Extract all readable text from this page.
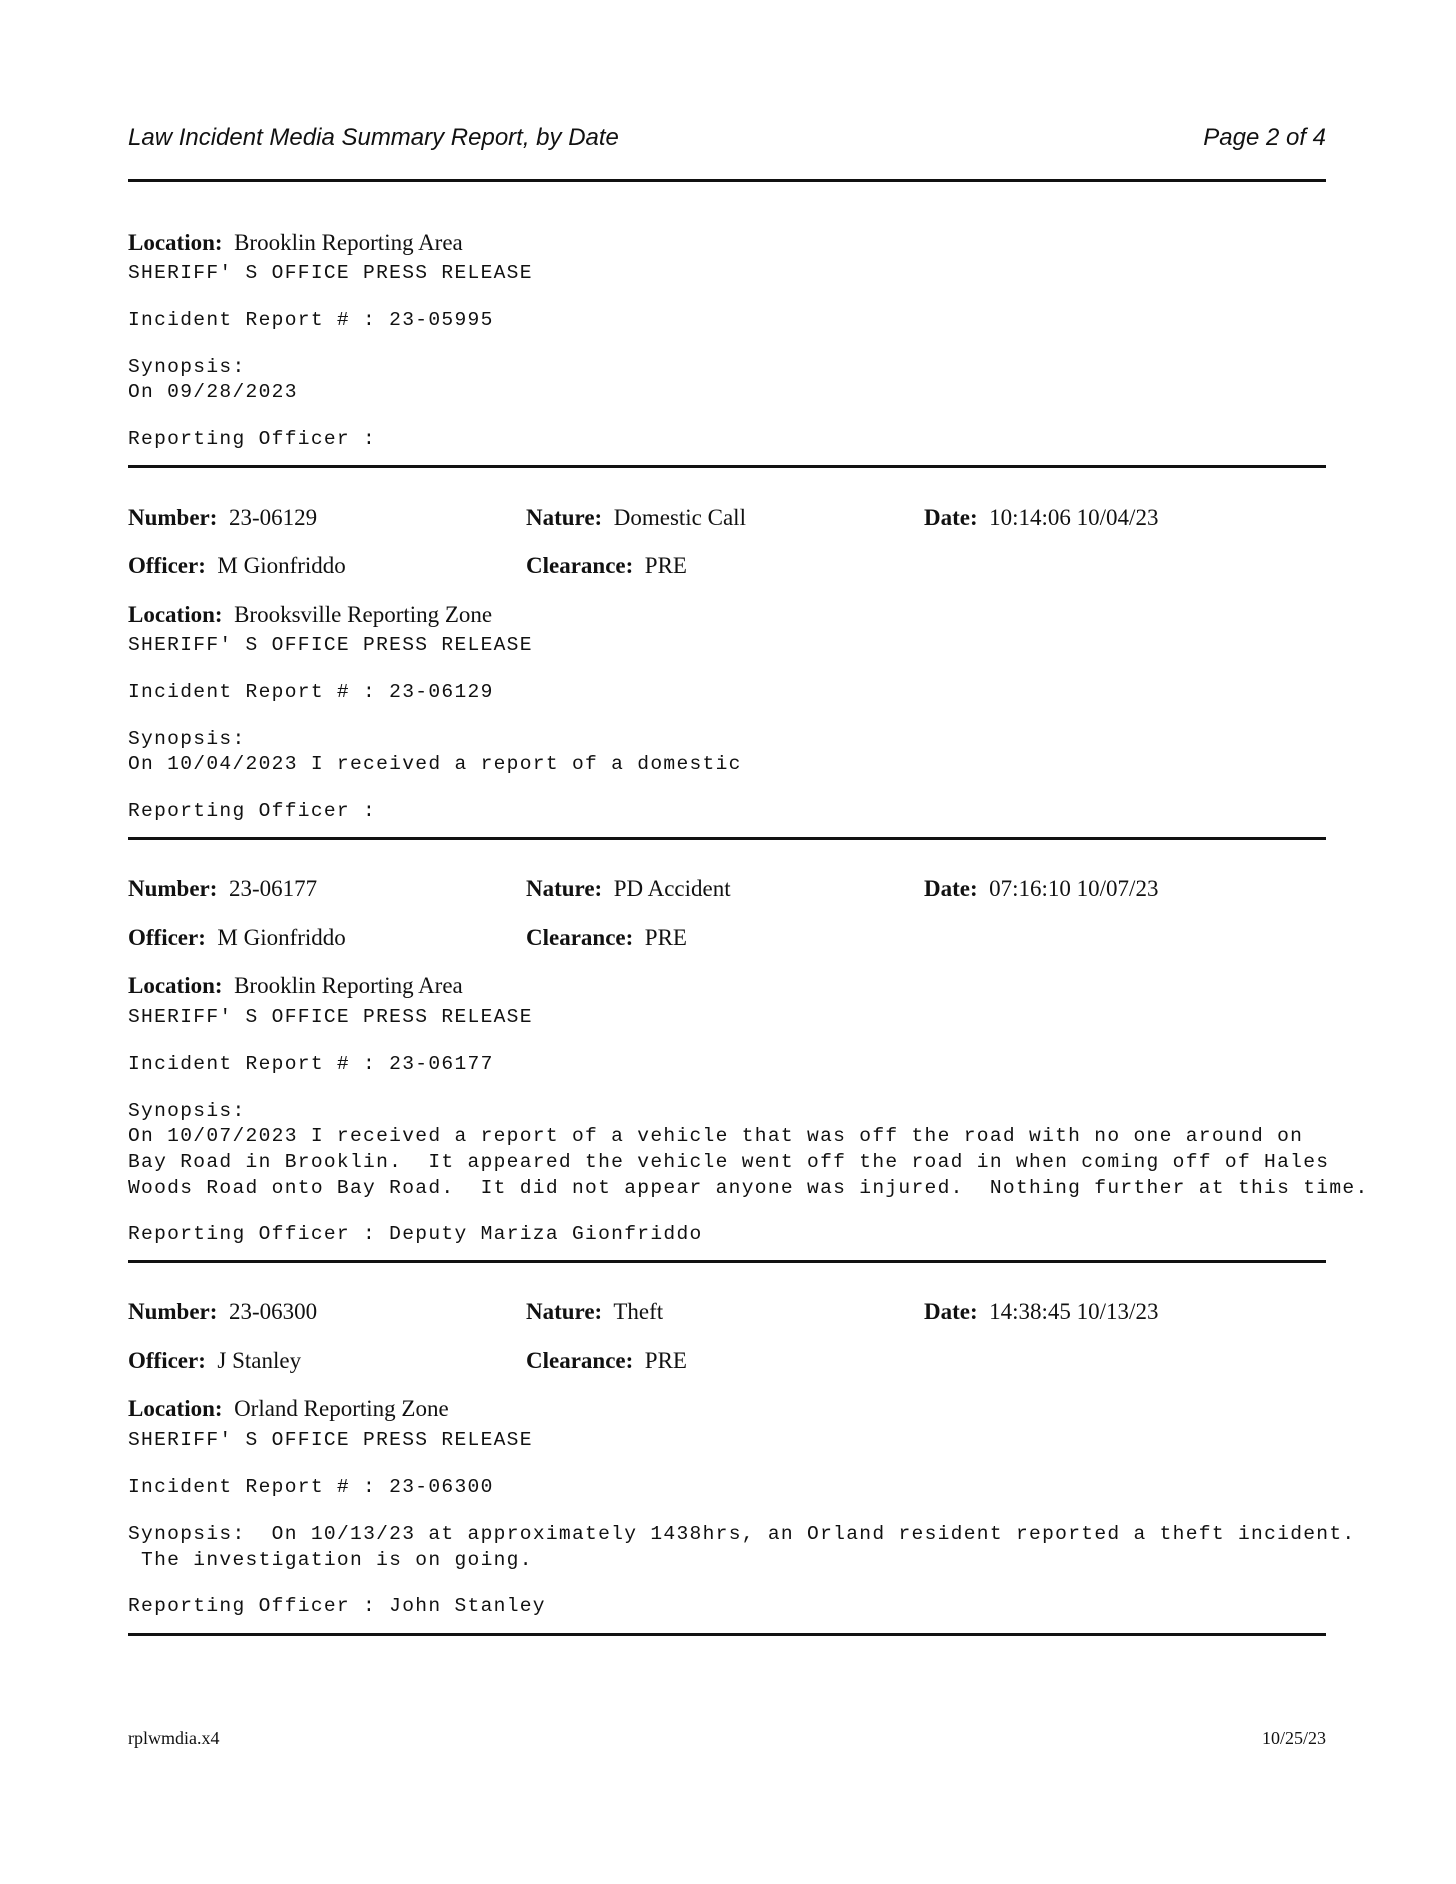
Law Incident Media Summary Report, by Date	Page 2 of 4
Location: Brooklin Reporting Area
SHERIFF' S OFFICE PRESS RELEASE
Incident Report # : 23-05995
Synopsis:
On 09/28/2023
Reporting Officer :
Number: 23-06129	Nature: Domestic Call	Date: 10:14:06 10/04/23
Officer: M Gionfriddo	Clearance: PRE
Location: Brooksville Reporting Zone
SHERIFF' S OFFICE PRESS RELEASE
Incident Report # : 23-06129
Synopsis:
On 10/04/2023 I received a report of a domestic
Reporting Officer :
Number: 23-06177	Nature: PD Accident	Date: 07:16:10 10/07/23
Officer: M Gionfriddo	Clearance: PRE
Location: Brooklin Reporting Area
SHERIFF' S OFFICE PRESS RELEASE
Incident Report # : 23-06177
Synopsis:
On 10/07/2023 I received a report of a vehicle that was off the road with no one around on
Bay Road in Brooklin.  It appeared the vehicle went off the road in when coming off of Hales
Woods Road onto Bay Road.  It did not appear anyone was injured.  Nothing further at this time.
Reporting Officer : Deputy Mariza Gionfriddo
Number: 23-06300	Nature: Theft	Date: 14:38:45 10/13/23
Officer: J Stanley	Clearance: PRE
Location: Orland Reporting Zone
SHERIFF' S OFFICE PRESS RELEASE
Incident Report # : 23-06300
Synopsis: On 10/13/23 at approximately 1438hrs, an Orland resident reported a theft incident.
The investigation is on going.
Reporting Officer : John Stanley
rplwmdia.x4	10/25/23
